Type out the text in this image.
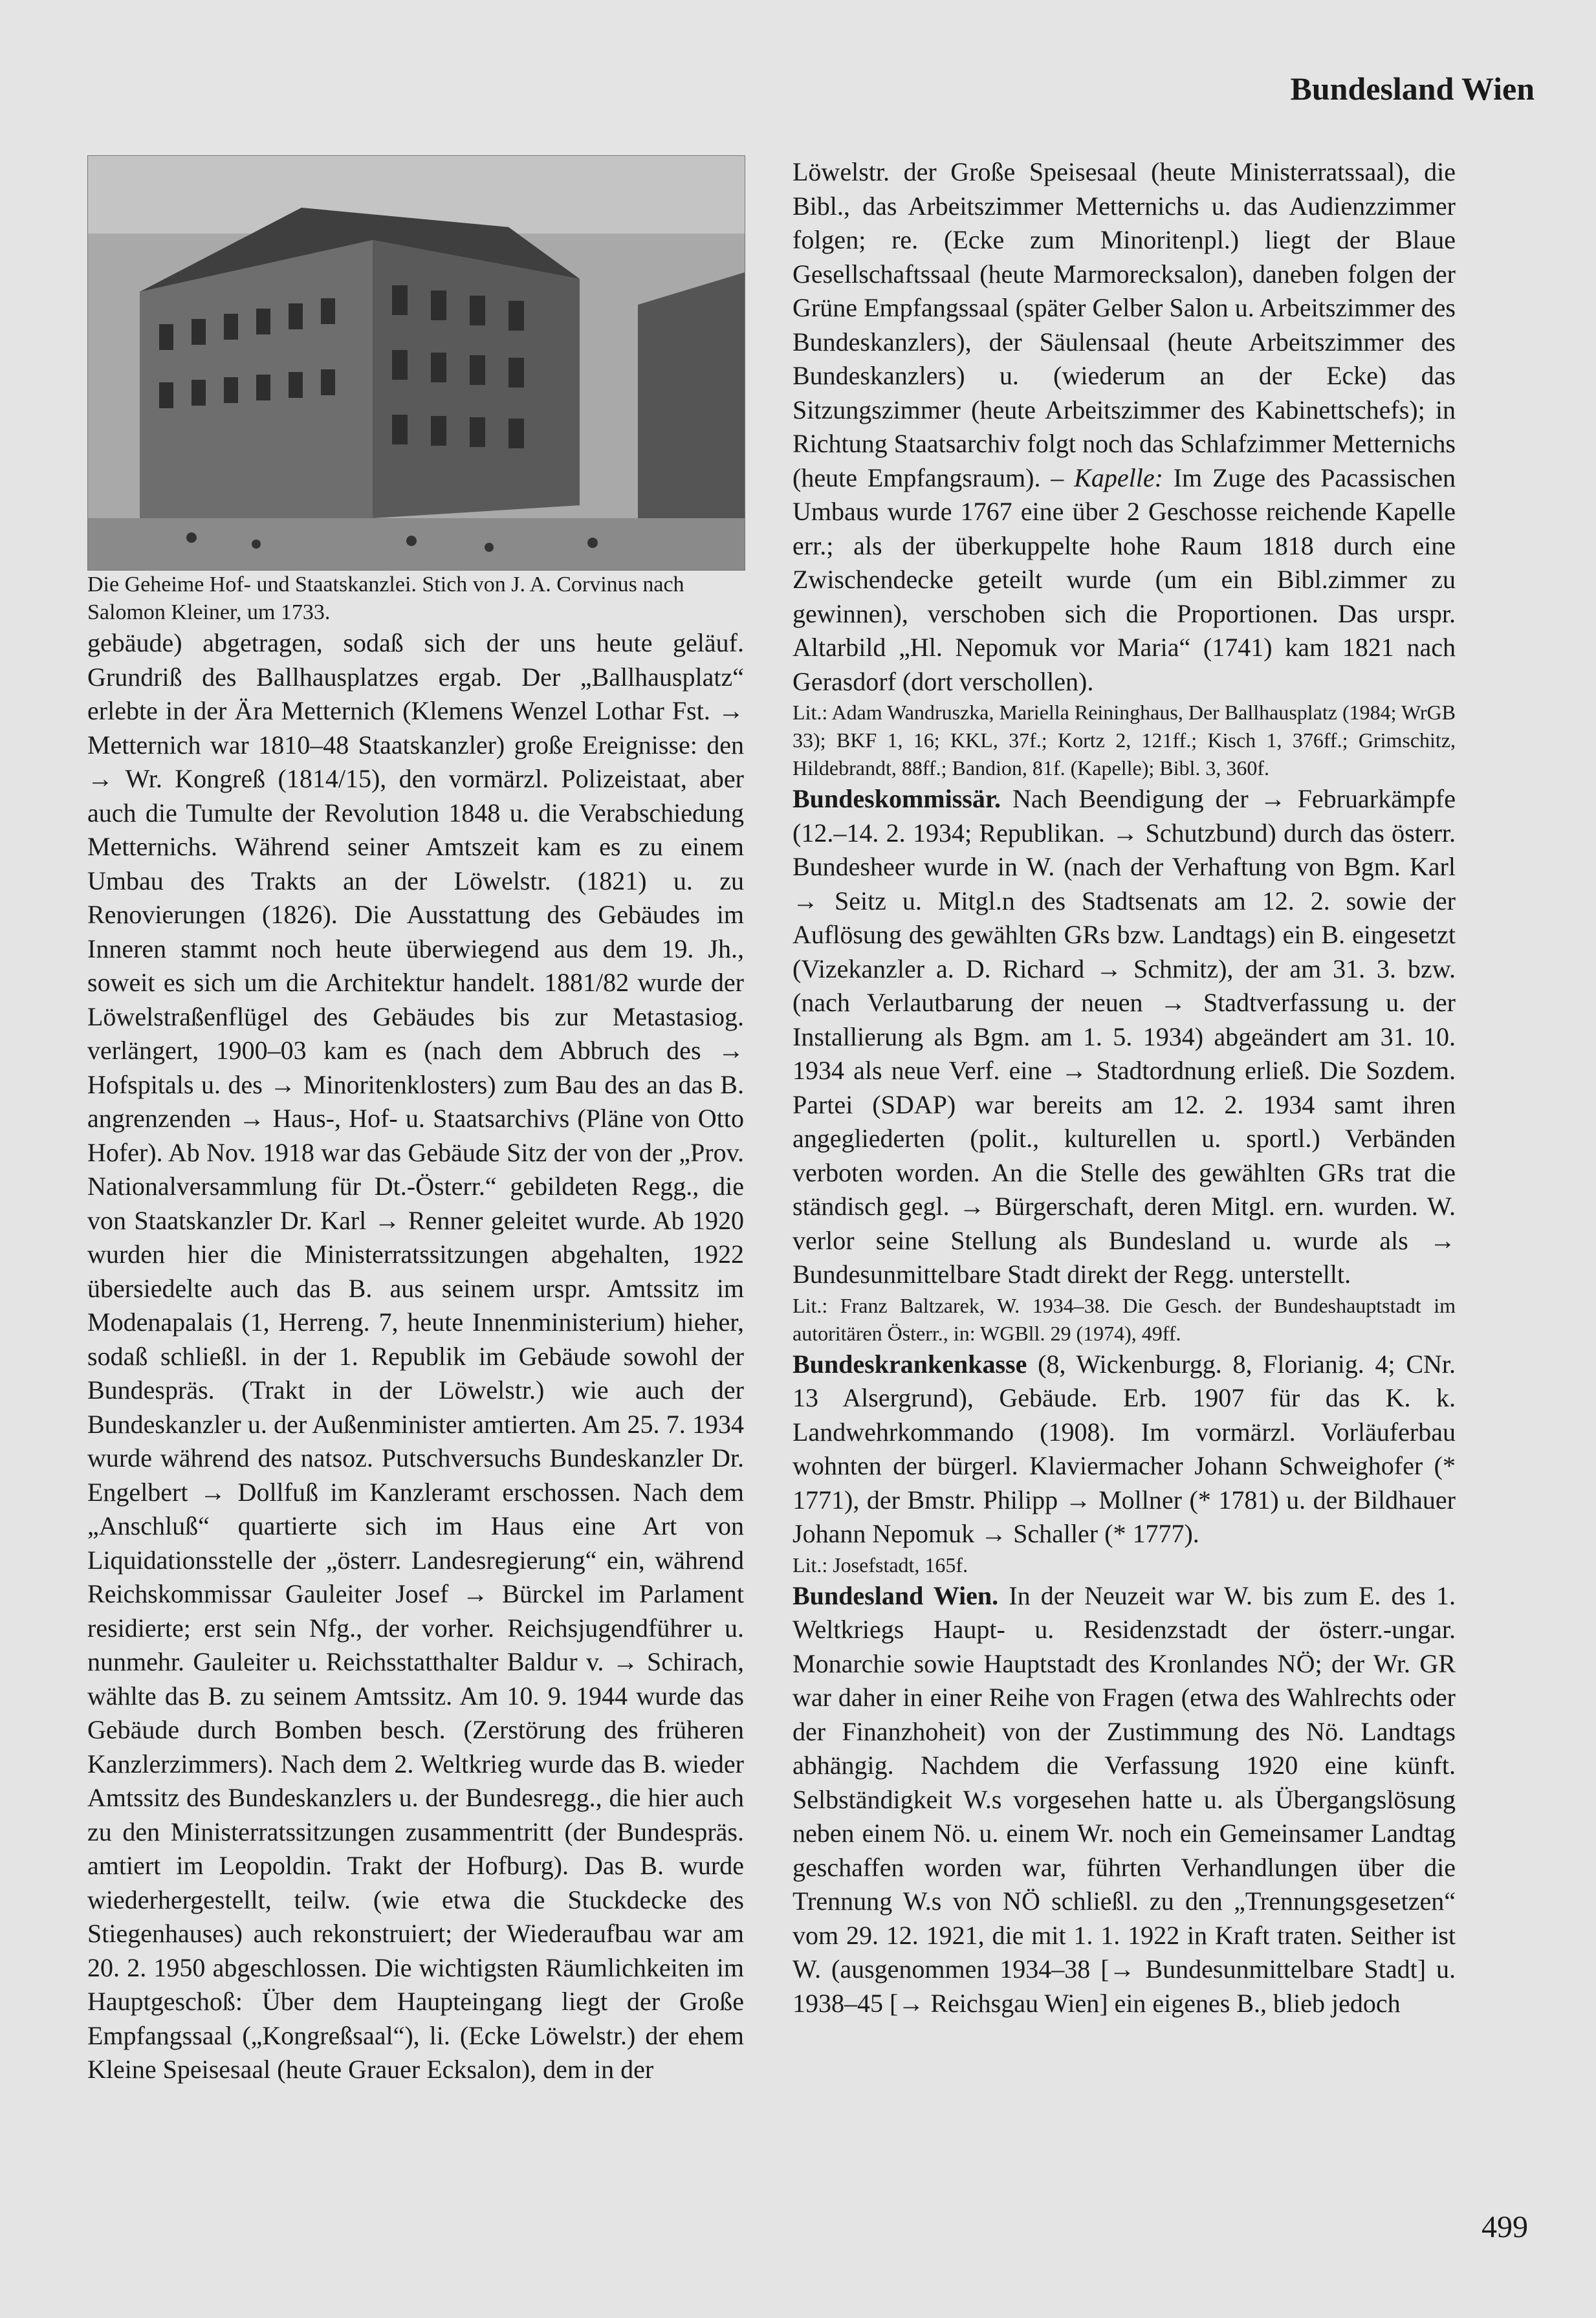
Bundesland Wien

Die Geheime Hof- und Staatskanzlei. Stich von J. A. Corvinus nach Salomon Kleiner, um 1733.

gebäude) abgetragen, sodaß sich der uns heute geläuf. Grundriß des Ballhausplatzes ergab. Der „Ballhausplatz“ erlebte in der Ära Metternich (Klemens Wenzel Lothar Fst. → Metternich war 1810–48 Staatskanzler) große Ereignisse: den → Wr. Kongreß (1814/15), den vormärzl. Polizeistaat, aber auch die Tumulte der Revolution 1848 u. die Verabschiedung Metternichs. Während seiner Amtszeit kam es zu einem Umbau des Trakts an der Löwelstr. (1821) u. zu Renovierungen (1826). Die Ausstattung des Gebäudes im Inneren stammt noch heute überwiegend aus dem 19. Jh., soweit es sich um die Architektur handelt. 1881/82 wurde der Löwelstraßenflügel des Gebäudes bis zur Metastasiog. verlängert, 1900–03 kam es (nach dem Abbruch des → Hofspitals u. des → Minoritenklosters) zum Bau des an das B. angrenzenden → Haus-, Hof- u. Staatsarchivs (Pläne von Otto Hofer). Ab Nov. 1918 war das Gebäude Sitz der von der „Prov. Nationalversammlung für Dt.-Österr.“ gebildeten Regg., die von Staatskanzler Dr. Karl → Renner geleitet wurde. Ab 1920 wurden hier die Ministerratssitzungen abgehalten, 1922 übersiedelte auch das B. aus seinem urspr. Amtssitz im Modenapalais (1, Herreng. 7, heute Innenministerium) hieher, sodaß schließl. in der 1. Republik im Gebäude sowohl der Bundespräs. (Trakt in der Löwelstr.) wie auch der Bundeskanzler u. der Außenminister amtierten. Am 25. 7. 1934 wurde während des natsoz. Putschversuchs Bundeskanzler Dr. Engelbert → Dollfuß im Kanzleramt erschossen. Nach dem „Anschluß“ quartierte sich im Haus eine Art von Liquidationsstelle der „österr. Landesregierung“ ein, während Reichskommissar Gauleiter Josef → Bürckel im Parlament residierte; erst sein Nfg., der vorher. Reichsjugendführer u. nunmehr. Gauleiter u. Reichsstatthalter Baldur v. → Schirach, wählte das B. zu seinem Amtssitz. Am 10. 9. 1944 wurde das Gebäude durch Bomben besch. (Zerstörung des früheren Kanzlerzimmers). Nach dem 2. Weltkrieg wurde das B. wieder Amtssitz des Bundeskanzlers u. der Bundesregg., die hier auch zu den Ministerratssitzungen zusammentritt (der Bundespräs. amtiert im Leopoldin. Trakt der Hofburg). Das B. wurde wiederhergestellt, teilw. (wie etwa die Stuckdecke des Stiegenhauses) auch rekonstruiert; der Wiederaufbau war am 20. 2. 1950 abgeschlossen. Die wichtigsten Räumlichkeiten im Hauptgeschoß: Über dem Haupteingang liegt der Große Empfangssaal („Kongreßsaal“), li. (Ecke Löwelstr.) der ehem Kleine Speisesaal (heute Grauer Ecksalon), dem in der

Löwelstr. der Große Speisesaal (heute Ministerratssaal), die Bibl., das Arbeitszimmer Metternichs u. das Audienzzimmer folgen; re. (Ecke zum Minoritenpl.) liegt der Blaue Gesellschaftssaal (heute Marmorecksalon), daneben folgen der Grüne Empfangssaal (später Gelber Salon u. Arbeitszimmer des Bundeskanzlers), der Säulensaal (heute Arbeitszimmer des Bundeskanzlers) u. (wiederum an der Ecke) das Sitzungszimmer (heute Arbeitszimmer des Kabinettschefs); in Richtung Staatsarchiv folgt noch das Schlafzimmer Metternichs (heute Empfangsraum). – Kapelle: Im Zuge des Pacassischen Umbaus wurde 1767 eine über 2 Geschosse reichende Kapelle err.; als der überkuppelte hohe Raum 1818 durch eine Zwischendecke geteilt wurde (um ein Bibl.zimmer zu gewinnen), verschoben sich die Proportionen. Das urspr. Altarbild „Hl. Nepomuk vor Maria“ (1741) kam 1821 nach Gerasdorf (dort verschollen).

Lit.: Adam Wandruszka, Mariella Reininghaus, Der Ballhausplatz (1984; WrGB 33); BKF 1, 16; KKL, 37f.; Kortz 2, 121ff.; Kisch 1, 376ff.; Grimschitz, Hildebrandt, 88ff.; Bandion, 81f. (Kapelle); Bibl. 3, 360f.

Bundeskommissär. Nach Beendigung der → Februarkämpfe (12.–14. 2. 1934; Republikan. → Schutzbund) durch das österr. Bundesheer wurde in W. (nach der Verhaftung von Bgm. Karl → Seitz u. Mitgl.n des Stadtsenats am 12. 2. sowie der Auflösung des gewählten GRs bzw. Landtags) ein B. eingesetzt (Vizekanzler a. D. Richard → Schmitz), der am 31. 3. bzw. (nach Verlautbarung der neuen → Stadtverfassung u. der Installierung als Bgm. am 1. 5. 1934) abgeändert am 31. 10. 1934 als neue Verf. eine → Stadtordnung erließ. Die Sozdem. Partei (SDAP) war bereits am 12. 2. 1934 samt ihren angegliederten (polit., kulturellen u. sportl.) Verbänden verboten worden. An die Stelle des gewählten GRs trat die ständisch gegl. → Bürgerschaft, deren Mitgl. ern. wurden. W. verlor seine Stellung als Bundesland u. wurde als → Bundesunmittelbare Stadt direkt der Regg. unterstellt.

Lit.: Franz Baltzarek, W. 1934–38. Die Gesch. der Bundeshauptstadt im autoritären Österr., in: WGBll. 29 (1974), 49ff.

Bundeskrankenkasse (8, Wickenburgg. 8, Florianig. 4; CNr. 13 Alsergrund), Gebäude. Erb. 1907 für das K. k. Landwehrkommando (1908). Im vormärzl. Vorläuferbau wohnten der bürgerl. Klaviermacher Johann Schweighofer (* 1771), der Bmstr. Philipp → Mollner (* 1781) u. der Bildhauer Johann Nepomuk → Schaller (* 1777).

Lit.: Josefstadt, 165f.

Bundesland Wien. In der Neuzeit war W. bis zum E. des 1. Weltkriegs Haupt- u. Residenzstadt der österr.-ungar. Monarchie sowie Hauptstadt des Kronlandes NÖ; der Wr. GR war daher in einer Reihe von Fragen (etwa des Wahlrechts oder der Finanzhoheit) von der Zustimmung des Nö. Landtags abhängig. Nachdem die Verfassung 1920 eine künft. Selbständigkeit W.s vorgesehen hatte u. als Übergangslösung neben einem Nö. u. einem Wr. noch ein Gemeinsamer Landtag geschaffen worden war, führten Verhandlungen über die Trennung W.s von NÖ schließl. zu den „Trennungsgesetzen“ vom 29. 12. 1921, die mit 1. 1. 1922 in Kraft traten. Seither ist W. (ausgenommen 1934–38 [→ Bundesunmittelbare Stadt] u. 1938–45 [→ Reichsgau Wien] ein eigenes B., blieb jedoch

499
